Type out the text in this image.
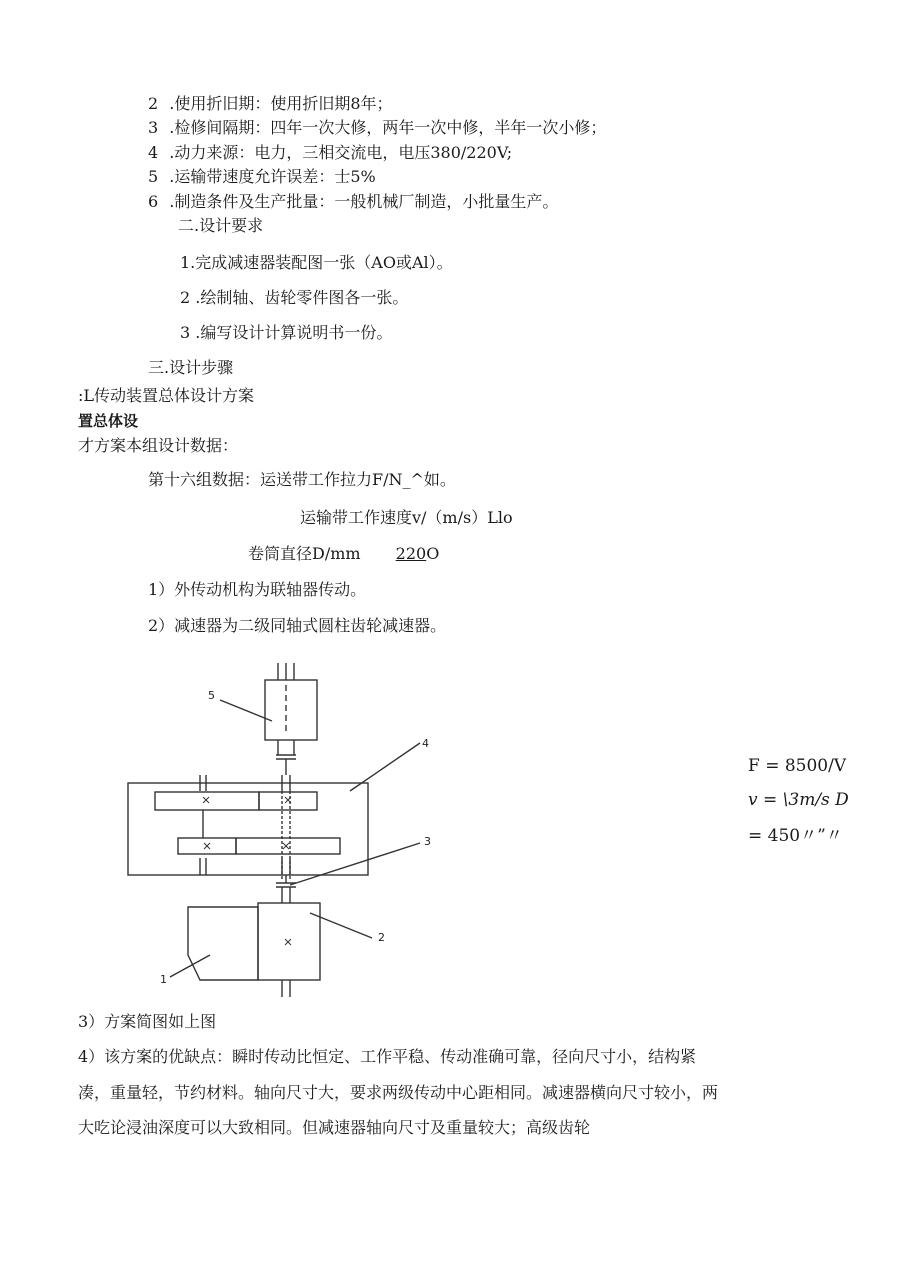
2 .使用折旧期：使用折旧期8年；
3 .检修间隔期：四年一次大修，两年一次中修，半年一次小修；
4 .动力来源：电力，三相交流电，电压380/220V;
5 .运输带速度允许误差：士5%
6 .制造条件及生产批量：一般机械厂制造，小批量生产。
二.设计要求
1.完成减速器装配图一张（AO或Al）。
2 .绘制轴、齿轮零件图各一张。
3 .编写设计计算说明书一份。
三.设计步骤
:L传动装置总体设计方案
置总体设
才方案本组设计数据：
第十六组数据：运送带工作拉力F/N_^如。
运输带工作速度v/（m/s）Llo
卷筒直径D/mm 220O
1）外传动机构为联轴器传动。
2）减速器为二级同轴式圆柱齿轮减速器。
5
4
3
2
1
F = 8500/V
v = \3m/s D
= 450〃”〃
3）方案简图如上图
4）该方案的优缺点：瞬时传动比恒定、工作平稳、传动准确可靠，径向尺寸小，结构紧
凑，重量轻，节约材料。轴向尺寸大，要求两级传动中心距相同。减速器横向尺寸较小，两
大吃论浸油深度可以大致相同。但减速器轴向尺寸及重量较大；高级齿轮
